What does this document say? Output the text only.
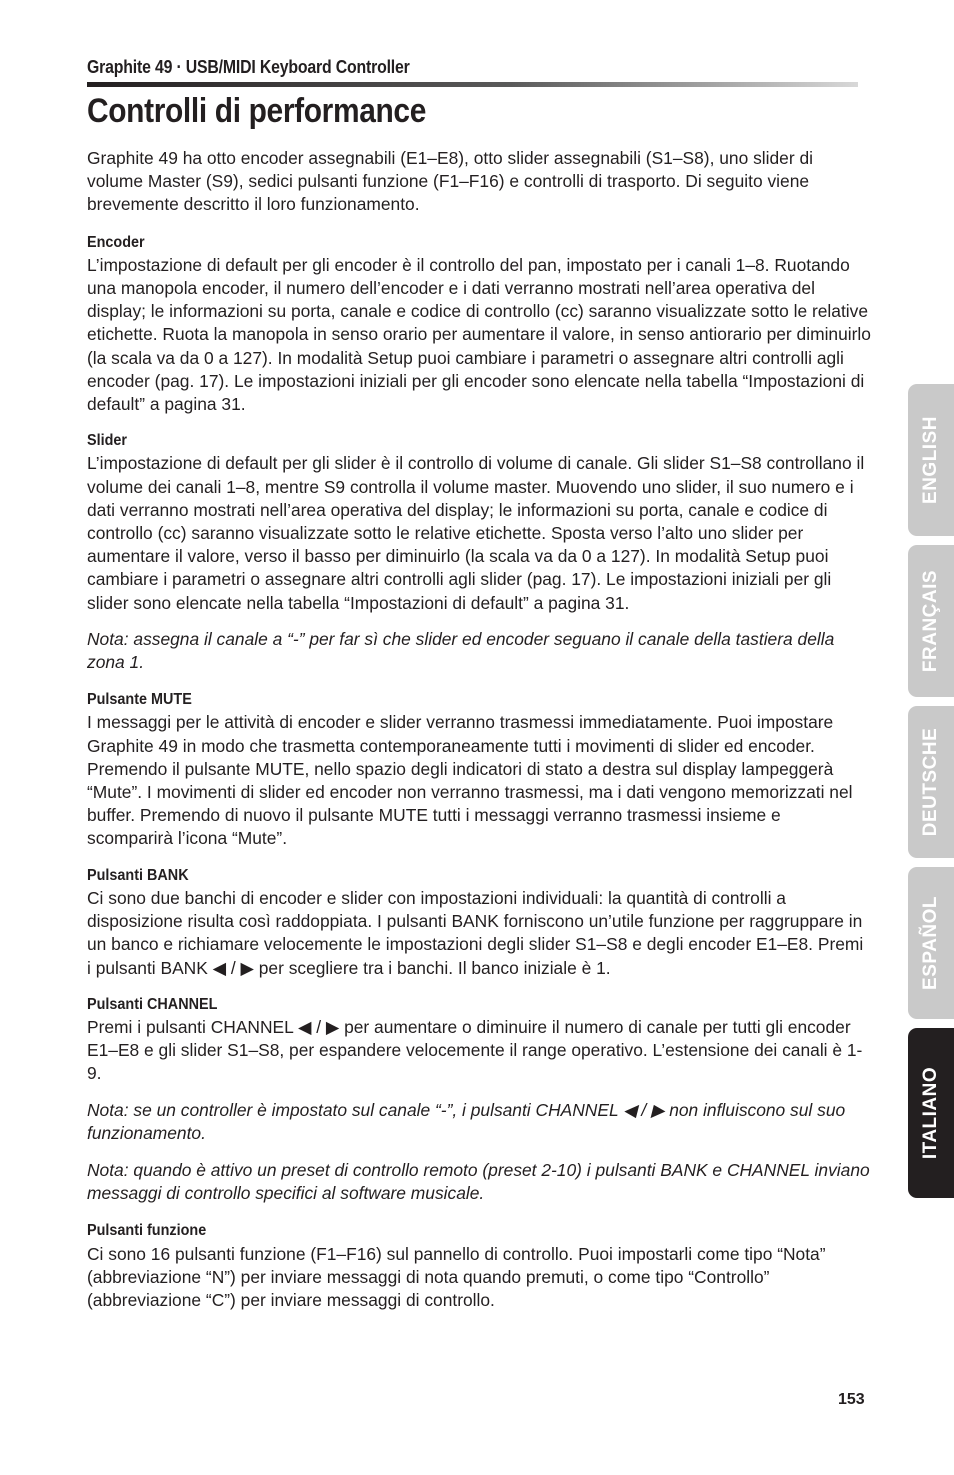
Graphite 49 · USB/MIDI Keyboard Controller
Controlli di performance

Graphite 49 ha otto encoder assegnabili (E1–E8), otto slider assegnabili (S1–S8), uno slider di volume Master (S9), sedici pulsanti funzione (F1–F16) e controlli di trasporto. Di seguito viene brevemente descritto il loro funzionamento.

Encoder
L’impostazione di default per gli encoder è il controllo del pan, impostato per i canali 1–8. Ruotando una manopola encoder, il numero dell’encoder e i dati verranno mostrati nell’area operativa del display; le informazioni su porta, canale e codice di controllo (cc) saranno visualizzate sotto le relative etichette. Ruota la manopola in senso orario per aumentare il valore, in senso antiorario per diminuirlo (la scala va da 0 a 127). In modalità Setup puoi cambiare i parametri o assegnare altri controlli agli encoder (pag. 17). Le impostazioni iniziali per gli encoder sono elencate nella tabella “Impostazioni di default” a pagina 31.
Slider
L’impostazione di default per gli slider è il controllo di volume di canale. Gli slider S1–S8 controllano il volume dei canali 1–8, mentre S9 controlla il volume master. Muovendo uno slider, il suo numero e i dati verranno mostrati nell’area operativa del display; le informazioni su porta, canale e codice di controllo (cc) saranno visualizzate sotto le relative etichette. Sposta verso l’alto uno slider per aumentare il valore, verso il basso per diminuirlo (la scala va da 0 a 127). In modalità Setup puoi cambiare i parametri o assegnare altri controlli agli slider (pag. 17). Le impostazioni iniziali per gli slider sono elencate nella tabella “Impostazioni di default” a pagina 31.

Nota: assegna il canale a “-” per far sì che slider ed encoder seguano il canale della tastiera della zona 1.

Pulsante MUTE
I messaggi per le attività di encoder e slider verranno trasmessi immediatamente. Puoi impostare Graphite 49 in modo che trasmetta contemporaneamente tutti i movimenti di slider ed encoder. Premendo il pulsante MUTE, nello spazio degli indicatori di stato a destra sul display lampeggerà “Mute”. I movimenti di slider ed encoder non verranno trasmessi, ma i dati vengono memorizzati nel buffer. Premendo di nuovo il pulsante MUTE tutti i messaggi verranno trasmessi insieme e scomparirà l’icona “Mute”.
Pulsanti BANK
Ci sono due banchi di encoder e slider con impostazioni individuali: la quantità di controlli a disposizione risulta così raddoppiata. I pulsanti BANK forniscono un’utile funzione per raggruppare in un banco e richiamare velocemente le impostazioni degli slider S1–S8 e degli encoder E1–E8. Premi i pulsanti BANK ◀ / ▶ per scegliere tra i banchi. Il banco iniziale è 1.
Pulsanti CHANNEL
Premi i pulsanti CHANNEL ◀ / ▶ per aumentare o diminuire il numero di canale per tutti gli encoder E1–E8 e gli slider S1–S8, per espandere velocemente il range operativo. L’estensione dei canali è 1-9.

Nota: se un controller è impostato sul canale “-”, i pulsanti CHANNEL ◀ / ▶ non influiscono sul suo funzionamento.

Nota: quando è attivo un preset di controllo remoto (preset 2-10) i pulsanti BANK e CHANNEL inviano messaggi di controllo specifici al software musicale.

Pulsanti funzione
Ci sono 16 pulsanti funzione (F1–F16) sul pannello di controllo. Puoi impostarli come tipo “Nota” (abbreviazione “N”) per inviare messaggi di nota quando premuti, o come tipo “Controllo” (abbreviazione “C”) per inviare messaggi di controllo.
ENGLISH
FRANÇAIS
DEUTSCHE
ESPAÑOL
ITALIANO
153
